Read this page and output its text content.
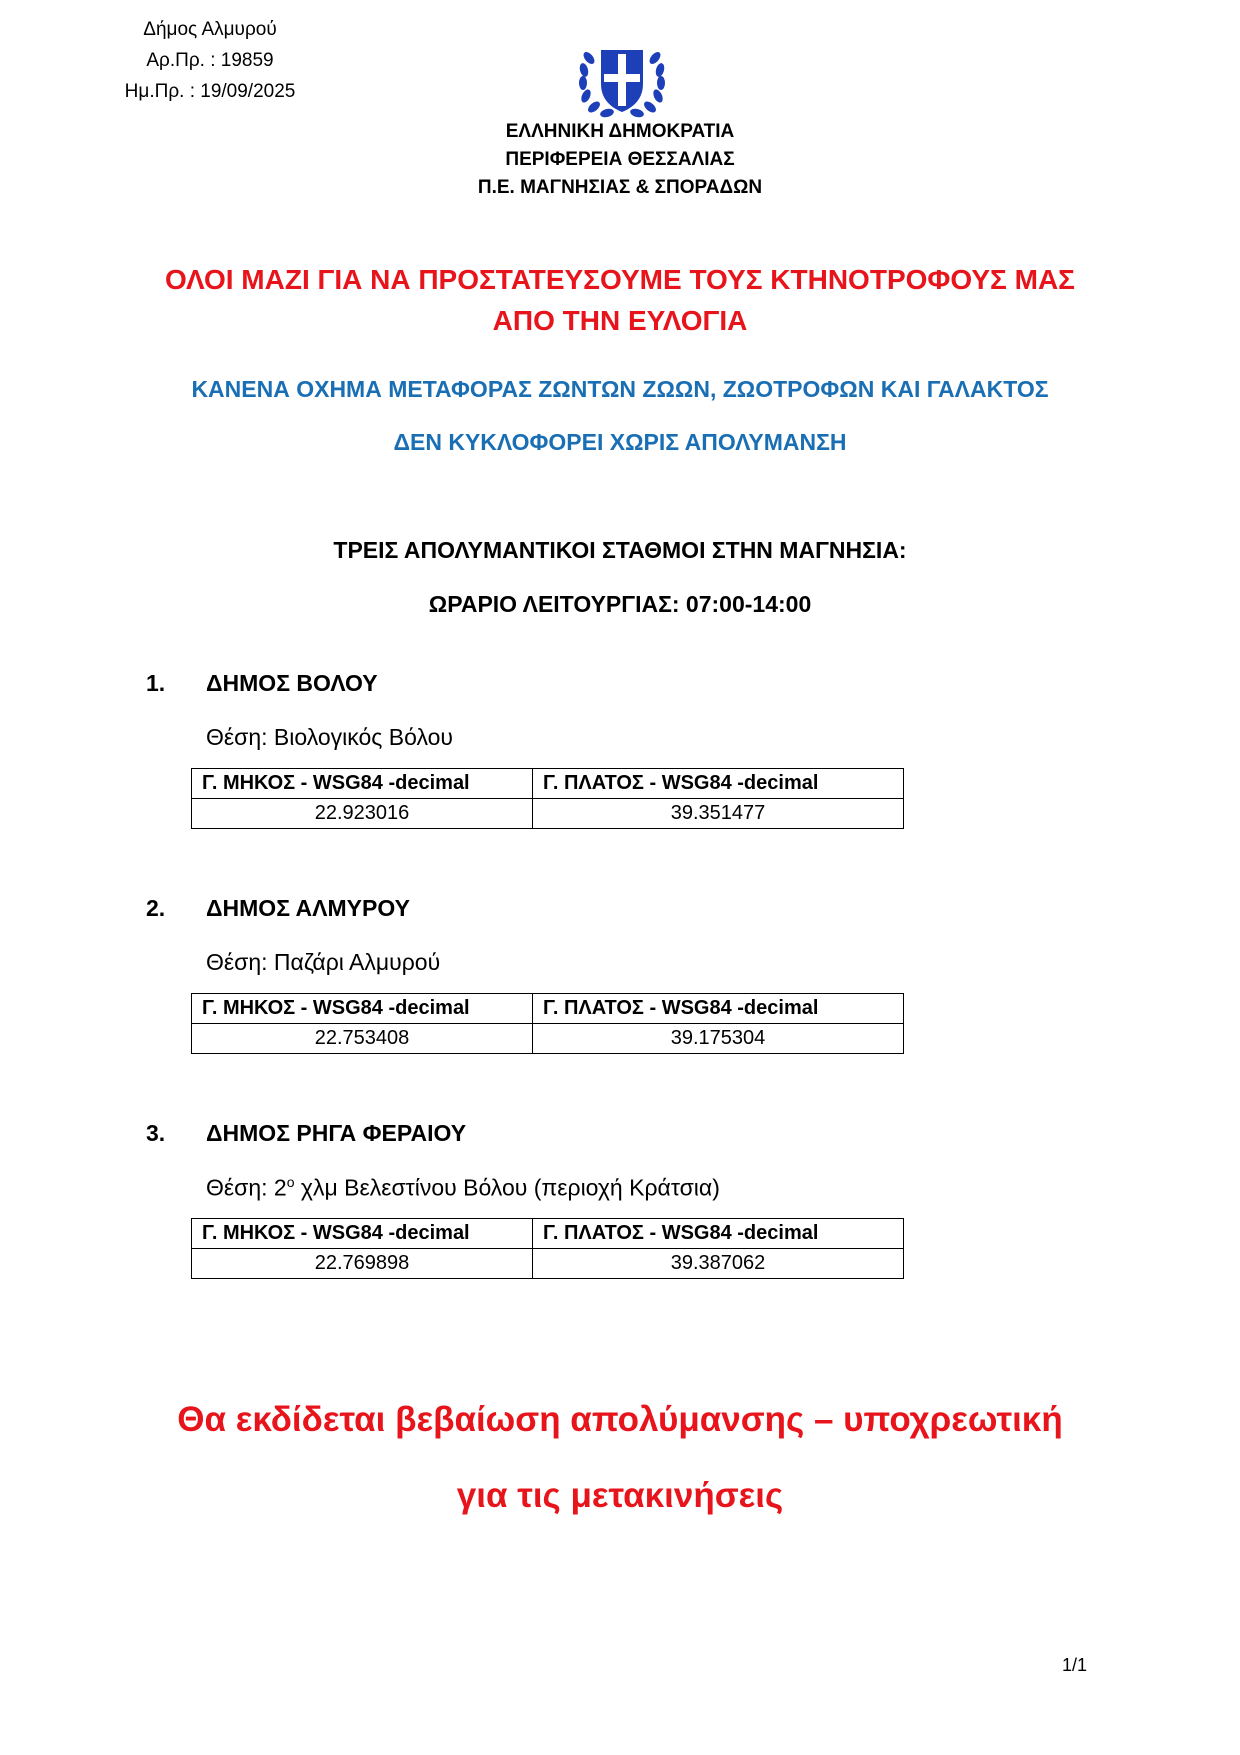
Δήμος Αλμυρού
Αρ.Πρ. : 19859
Ημ.Πρ. : 19/09/2025
ΕΛΛΗΝΙΚΗ ΔΗΜΟΚΡΑΤΙΑ
ΠΕΡΙΦΕΡΕΙΑ ΘΕΣΣΑΛΙΑΣ
Π.Ε. ΜΑΓΝΗΣΙΑΣ & ΣΠΟΡΑΔΩΝ
ΟΛΟΙ ΜΑΖΙ ΓΙΑ ΝΑ ΠΡΟΣΤΑΤΕΥΣΟΥΜΕ ΤΟΥΣ ΚΤΗΝΟΤΡΟΦΟΥΣ ΜΑΣ
ΑΠΟ ΤΗΝ ΕΥΛΟΓΙΑ
ΚΑΝΕΝΑ ΟΧΗΜΑ ΜΕΤΑΦΟΡΑΣ ΖΩΝΤΩΝ ΖΩΩΝ, ΖΩΟΤΡΟΦΩΝ ΚΑΙ ΓΑΛΑΚΤΟΣ
ΔΕΝ ΚΥΚΛΟΦΟΡΕΙ ΧΩΡΙΣ ΑΠΟΛΥΜΑΝΣΗ
ΤΡΕΙΣ ΑΠΟΛΥΜΑΝΤΙΚΟΙ ΣΤΑΘΜΟΙ ΣΤΗΝ ΜΑΓΝΗΣΙΑ:
ΩΡΑΡΙΟ ΛΕΙΤΟΥΡΓΙΑΣ: 07:00-14:00
1. ΔΗΜΟΣ ΒΟΛΟΥ
Θέση: Βιολογικός Βόλου
Γ. ΜΗΚΟΣ - WSG84 -decimal	Γ. ΠΛΑΤΟΣ - WSG84 -decimal
22.923016	39.351477
2. ΔΗΜΟΣ ΑΛΜΥΡΟΥ
Θέση: Παζάρι Αλμυρού
Γ. ΜΗΚΟΣ - WSG84 -decimal	Γ. ΠΛΑΤΟΣ - WSG84 -decimal
22.753408	39.175304
3. ΔΗΜΟΣ ΡΗΓΑ ΦΕΡΑΙΟΥ
Θέση: $2^o$ χλμ Βελεστίνου Βόλου (περιοχή Κράτσια)
Γ. ΜΗΚΟΣ - WSG84 -decimal	Γ. ΠΛΑΤΟΣ - WSG84 -decimal
22.769898	39.387062
Θα εκδίδεται βεβαίωση απολύμανσης – υποχρεωτική
για τις μετακινήσεις
1/1
